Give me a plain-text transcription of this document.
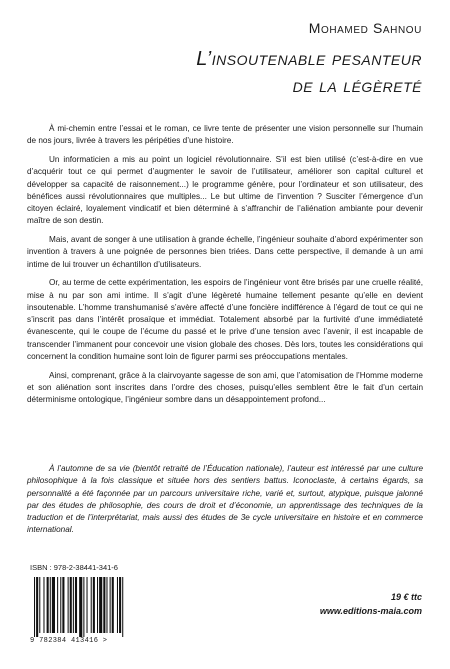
Mohamed Sahnou
L’insoutenable pesanteur
de la légèreté

À mi-chemin entre l’essai et le roman, ce livre tente de présenter une vision personnelle sur l’humain de nos jours, livrée à travers les péripéties d’une histoire.

Un informaticien a mis au point un logiciel révolutionnaire. S’il est bien utilisé (c’est-à-dire en vue d’acquérir tout ce qui permet d’augmenter le savoir de l’utilisateur, améliorer son capital culturel et développer sa capacité de raisonnement...) le programme génère, pour l’ordinateur et son utilisateur, des bénéfices aussi révolutionnaires que multiples... Le but ultime de l’invention ? Susciter l’émergence d’un citoyen éclairé, loyalement vindicatif et bien déterminé à s’affranchir de l’aliénation ambiante pour devenir maître de son destin.

Mais, avant de songer à une utilisation à grande échelle, l’ingénieur souhaite d’abord expérimenter son invention à travers à une poignée de personnes bien triées. Dans cette perspective, il demande à un ami intime de lui trouver un échantillon d’utilisateurs.

Or, au terme de cette expérimentation, les espoirs de l’ingénieur vont être brisés par une cruelle réalité, mise à nu par son ami intime. Il s’agit d’une légèreté humaine tellement pesante qu’elle en devient insoutenable. L’homme transhumanisé s’avère affecté d’une foncière indifférence à l’égard de tout ce qui ne s’inscrit pas dans l’intérêt prosaïque et immédiat. Totalement absorbé par la furtivité d’une immédiateté évanescente, qui le coupe de l’écume du passé et le prive d’une tension avec l’avenir, il est incapable de transcender l’immanent pour concevoir une vision globale des choses. Dès lors, toutes les considérations qui concernent la condition humaine sont loin de figurer parmi ses préoccupations mentales.

Ainsi, comprenant, grâce à la clairvoyante sagesse de son ami, que l’atomisation de l’Homme moderne et son aliénation sont inscrites dans l’ordre des choses, puisqu’elles semblent être le fait d’un certain déterminisme ontologique, l’ingénieur sombre dans un désappointement profond...

À l’automne de sa vie (bientôt retraité de l’Éducation nationale), l’auteur est intéressé par une culture philosophique à la fois classique et située hors des sentiers battus. Iconoclaste, à certains égards, sa personnalité a été façonnée par un parcours universitaire riche, varié et, surtout, atypique, puisque jalonné par des études de philosophie, des cours de droit et d’économie, un apprentissage des techniques de la traduction et de l’interprétariat, mais aussi des études de 3e cycle universitaire en histoire et en commerce international.

ISBN : 978-2-38441-341-6
9 782384 413416 >
19 € ttc
www.editions-maia.com
